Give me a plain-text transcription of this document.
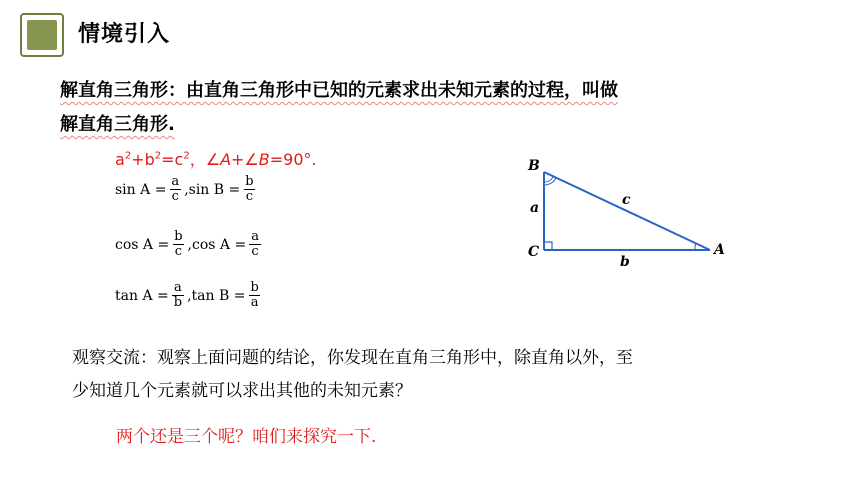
情境引入
解直角三角形：由直角三角形中已知的元素求出未知元素的过程，叫做
解直角三角形.
$a^2+b^2=c^2$，∠A+∠B=90°.
$\sin A = \frac{a}{c}$ , $\sin B = \frac{b}{c}$
$\cos A = \frac{b}{c}$ , $\cos A = \frac{a}{c}$
$\tan A = \frac{a}{b}$ , $\tan B = \frac{b}{a}$
B
C	A
a
b
c
观察交流：观察上面问题的结论，你发现在直角三角形中，除直角以外，至
少知道几个元素就可以求出其他的未知元素？
两个还是三个呢？咱们来探究一下.
